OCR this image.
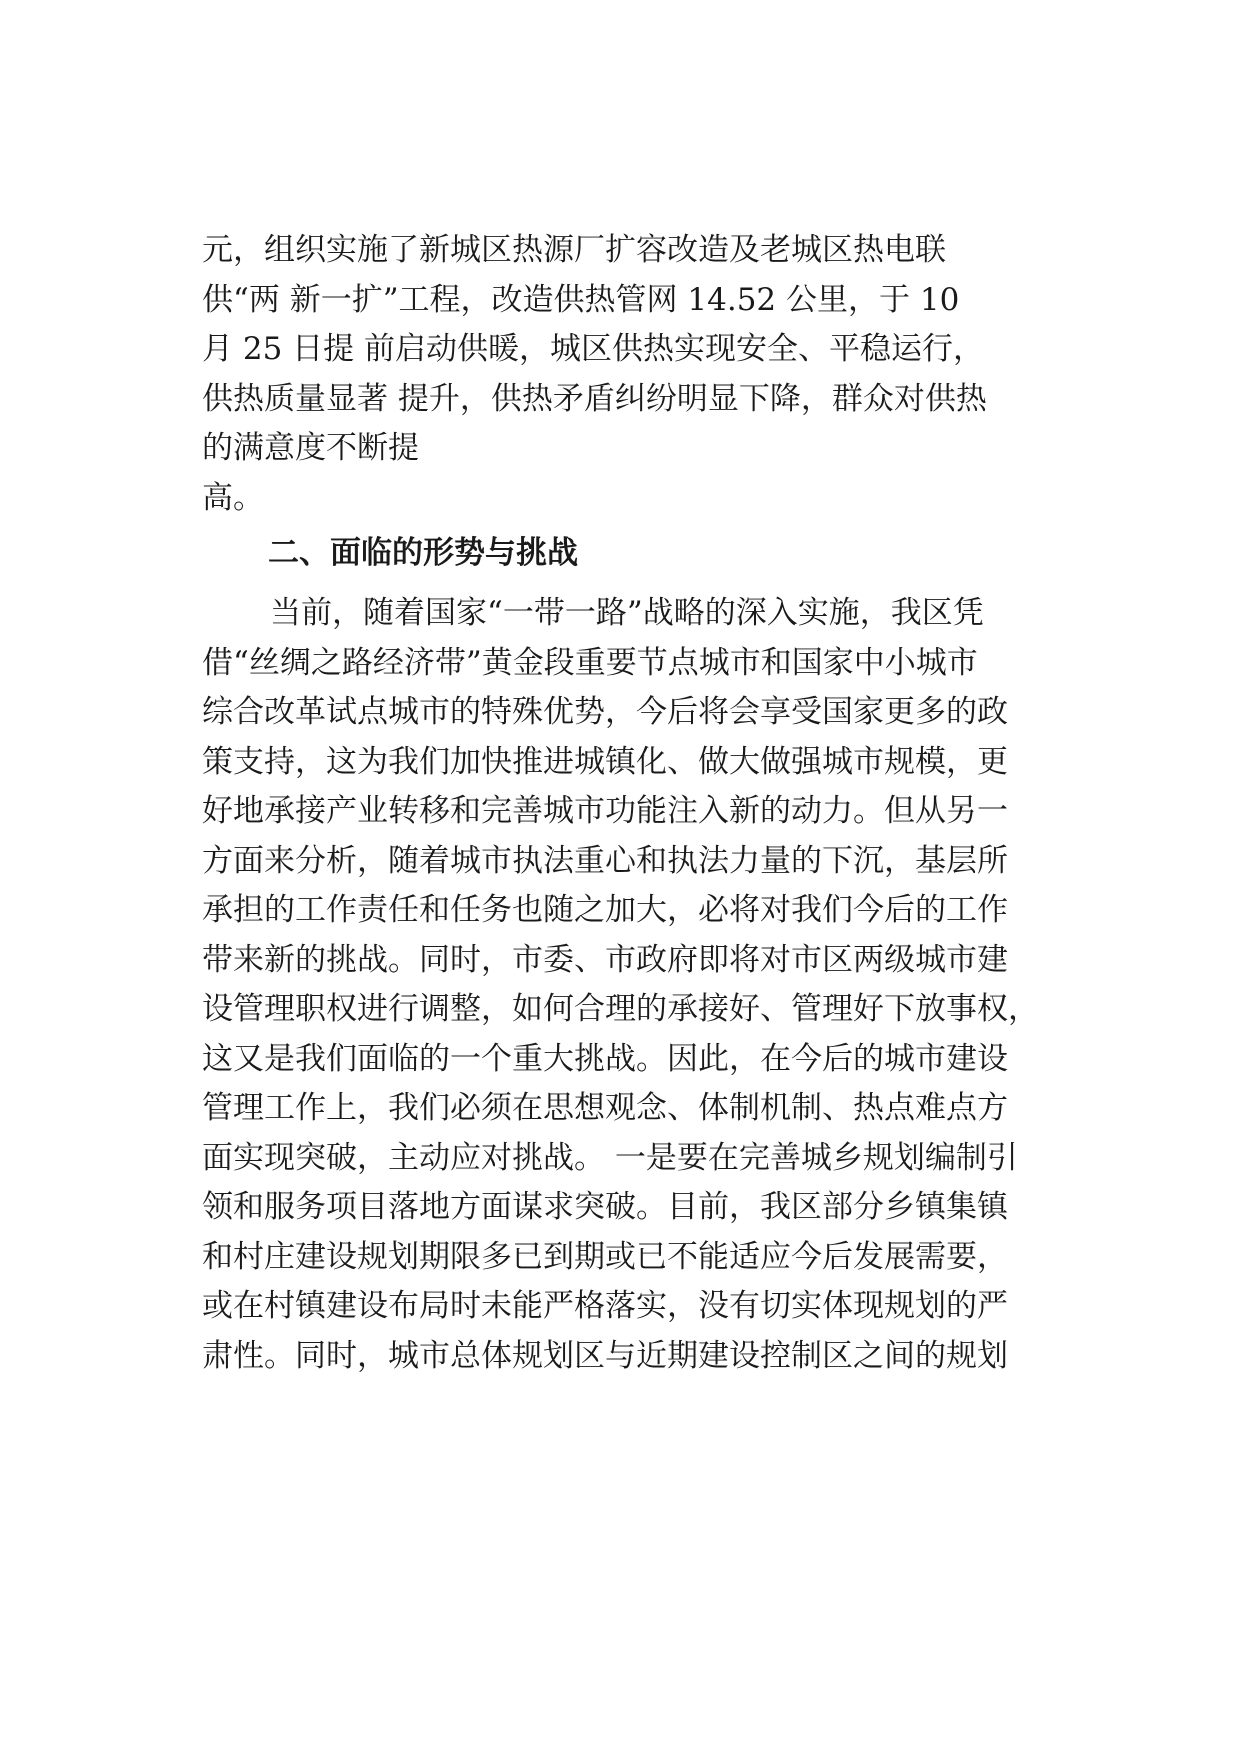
元，组织实施了新城区热源厂扩容改造及老城区热电联
供“两 新一扩”工程，改造供热管网 14.52 公里，于 10
月 25 日提 前启动供暖，城区供热实现安全、平稳运行，
供热质量显著 提升，供热矛盾纠纷明显下降，群众对供热
的满意度不断提
高。
二、面临的形势与挑战
当前，随着国家“一带一路”战略的深入实施，我区凭
借“丝绸之路经济带”黄金段重要节点城市和国家中小城市
综合改革试点城市的特殊优势，今后将会享受国家更多的政
策支持，这为我们加快推进城镇化、做大做强城市规模，更
好地承接产业转移和完善城市功能注入新的动力。但从另一
方面来分析，随着城市执法重心和执法力量的下沉，基层所
承担的工作责任和任务也随之加大，必将对我们今后的工作
带来新的挑战。同时，市委、市政府即将对市区两级城市建
设管理职权进行调整，如何合理的承接好、管理好下放事权，
这又是我们面临的一个重大挑战。因此，在今后的城市建设
管理工作上，我们必须在思想观念、体制机制、热点难点方
面实现突破，主动应对挑战。 一是要在完善城乡规划编制引
领和服务项目落地方面谋求突破。目前，我区部分乡镇集镇
和村庄建设规划期限多已到期或已不能适应今后发展需要，
或在村镇建设布局时未能严格落实，没有切实体现规划的严
肃性。同时，城市总体规划区与近期建设控制区之间的规划
